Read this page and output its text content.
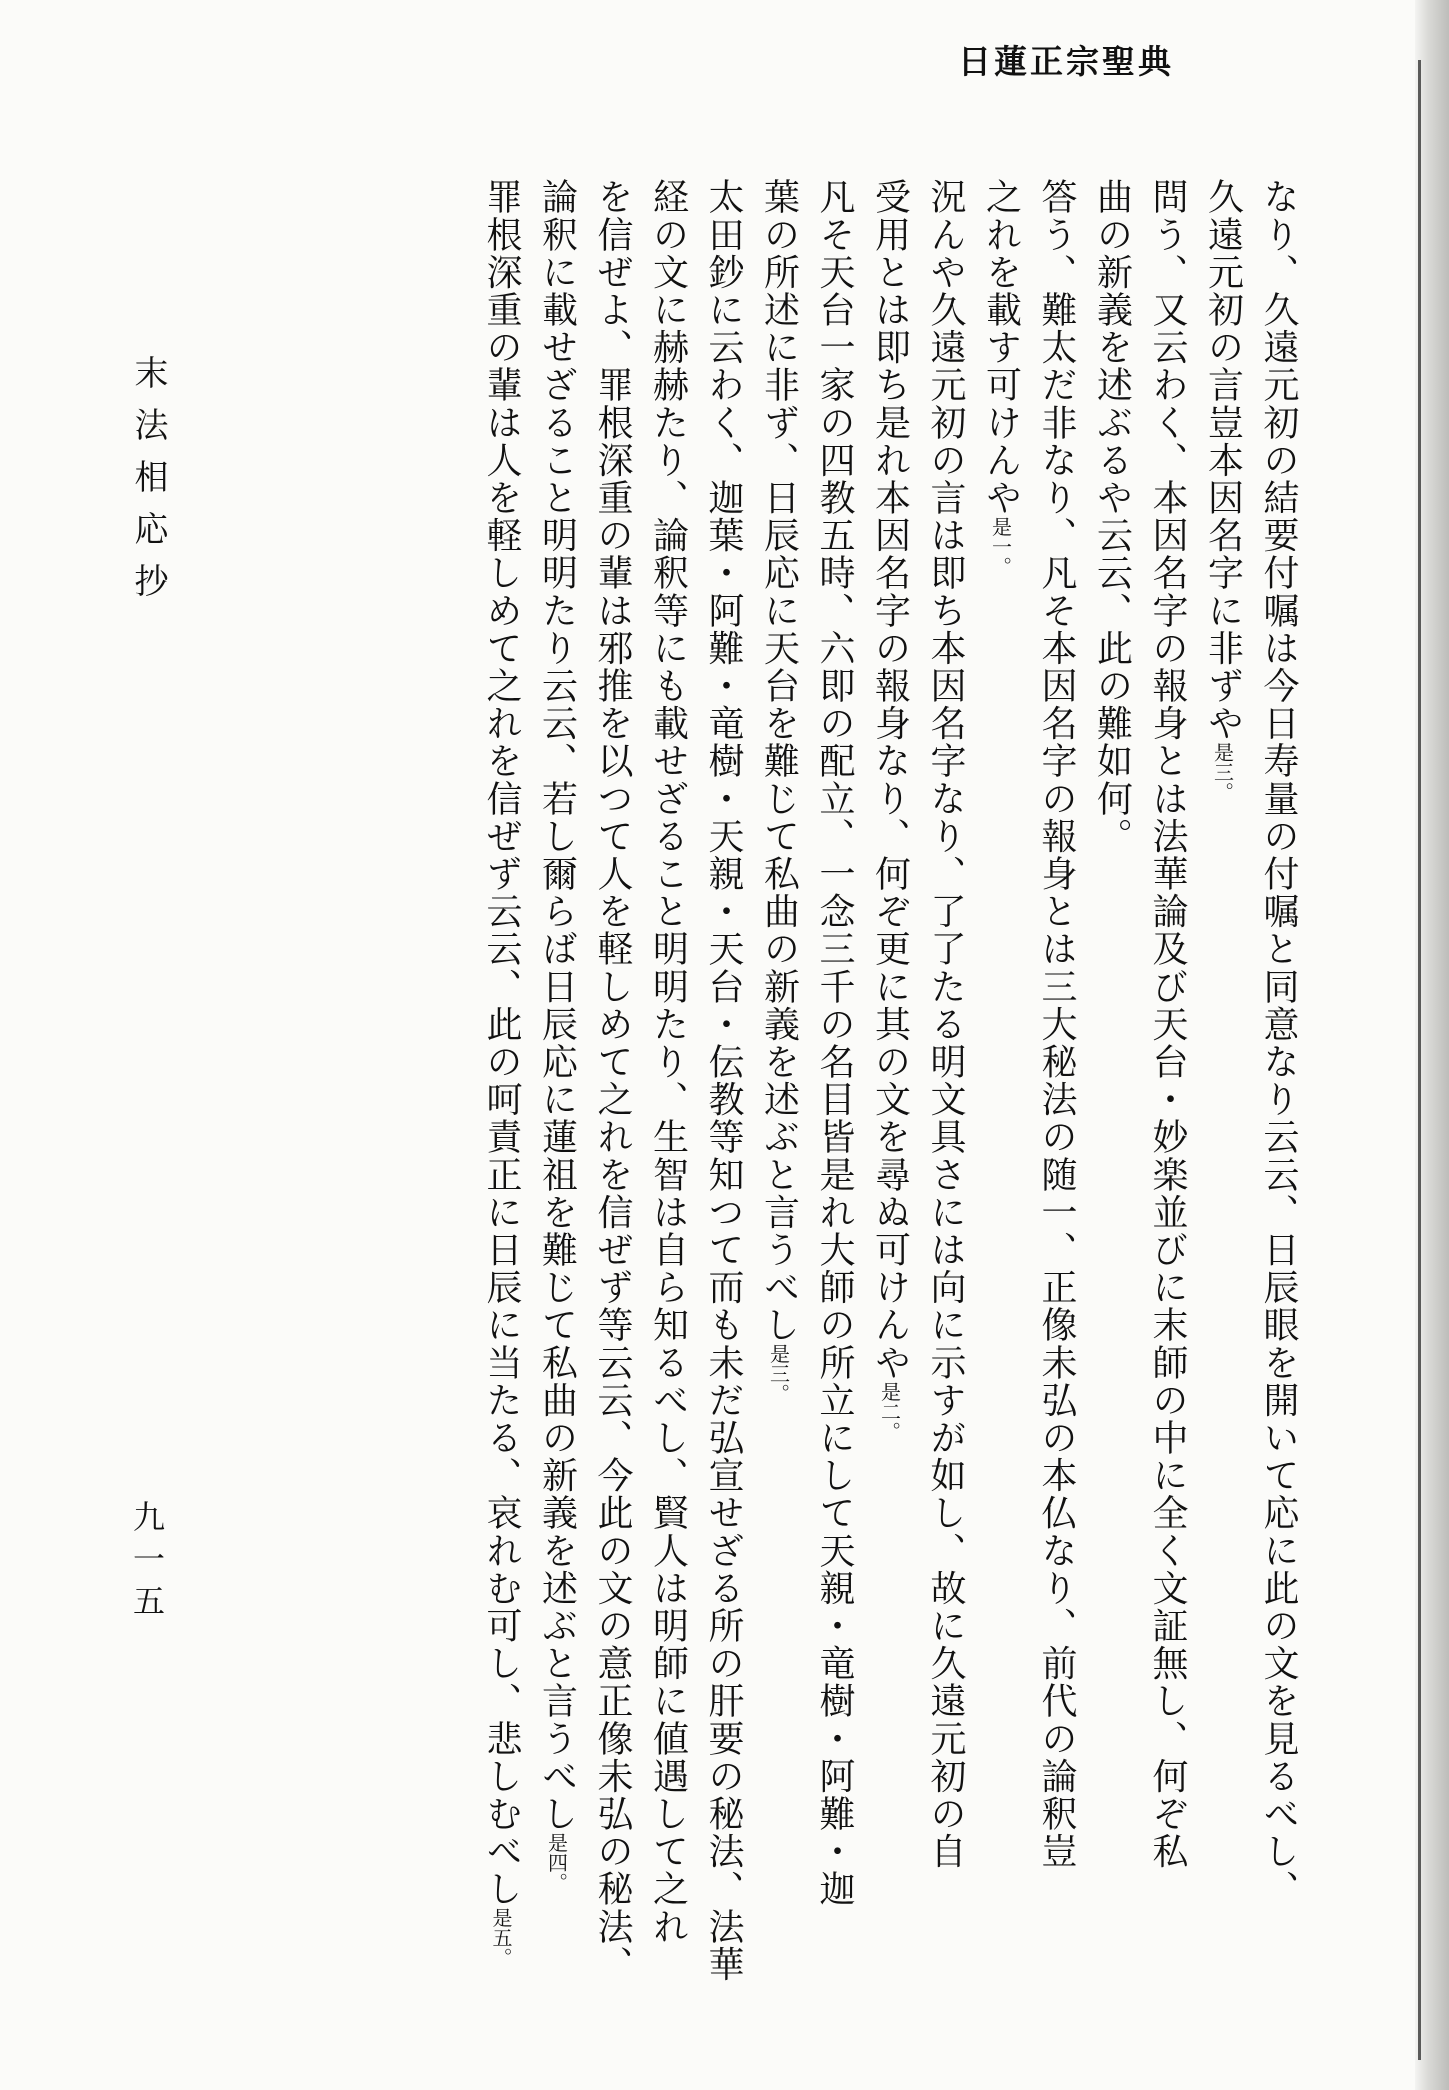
日蓮正宗聖典
なり、久遠元初の結要付嘱は今日寿量の付嘱と同意なり云云、日辰眼を開いて応に此の文を見るべし、
久遠元初の言豈本因名字に非ずや是三。
問う、又云わく、本因名字の報身とは法華論及び天台・妙楽並びに末師の中に全く文証無し、何ぞ私
曲の新義を述ぶるや云云、此の難如何。
答う、難太だ非なり、凡そ本因名字の報身とは三大秘法の随一、正像未弘の本仏なり、前代の論釈豈
之れを載す可けんや是一。
況んや久遠元初の言は即ち本因名字なり、了了たる明文具さには向に示すが如し、故に久遠元初の自
受用とは即ち是れ本因名字の報身なり、何ぞ更に其の文を尋ぬ可けんや是二。
凡そ天台一家の四教五時、六即の配立、一念三千の名目皆是れ大師の所立にして天親・竜樹・阿難・迦
葉の所述に非ず、日辰応に天台を難じて私曲の新義を述ぶと言うべし是三。
太田鈔に云わく、迦葉・阿難・竜樹・天親・天台・伝教等知つて而も未だ弘宣せざる所の肝要の秘法、法華
経の文に赫赫たり、論釈等にも載せざること明明たり、生智は自ら知るべし、賢人は明師に値遇して之れ
を信ぜよ、罪根深重の輩は邪推を以つて人を軽しめて之れを信ぜず等云云、今此の文の意正像未弘の秘法、
論釈に載せざること明明たり云云、若し爾らば日辰応に蓮祖を難じて私曲の新義を述ぶと言うべし是四。
罪根深重の輩は人を軽しめて之れを信ぜず云云、此の呵責正に日辰に当たる、哀れむ可し、悲しむべし是五。
末法相応抄
九一五
